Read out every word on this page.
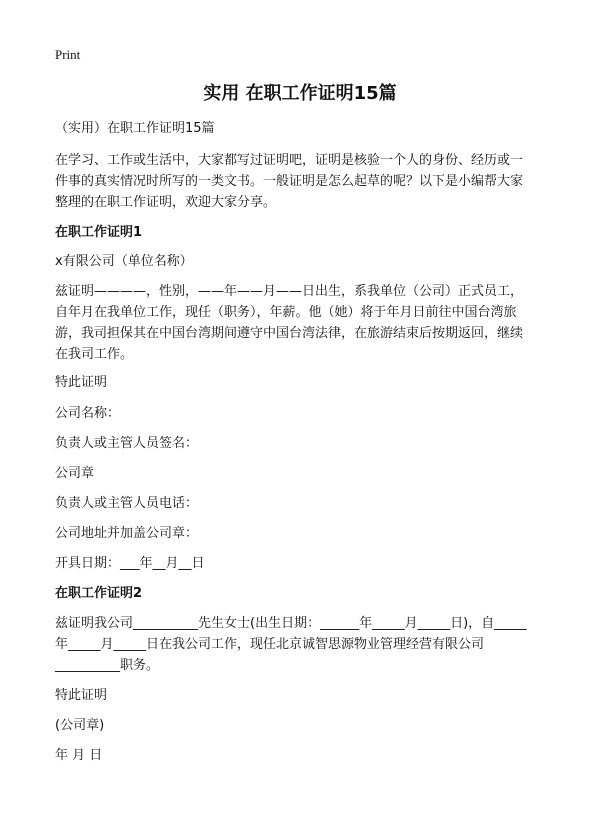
Print
实用 在职工作证明15篇
（实用）在职工作证明15篇
在学习、工作或生活中，大家都写过证明吧，证明是核验一个人的身份、经历或一
件事的真实情况时所写的一类文书。一般证明是怎么起草的呢？以下是小编帮大家
整理的在职工作证明，欢迎大家分享。
在职工作证明1
x有限公司（单位名称）
兹证明————，性别，——年——月——日出生，系我单位（公司）正式员工，
自年月在我单位工作，现任（职务），年薪。他（她）将于年月日前往中国台湾旅
游，我司担保其在中国台湾期间遵守中国台湾法律，在旅游结束后按期返回，继续
在我司工作。
特此证明
公司名称：
负责人或主管人员签名：
公司章
负责人或主管人员电话：
公司地址并加盖公司章：
开具日期：___年__月__日
在职工作证明2
兹证明我公司__________先生女士(出生日期：______年_____月_____日)，自_____
年_____月_____日在我公司工作，现任北京诚智思源物业管理经营有限公司
__________职务。
特此证明
(公司章)
年 月 日
